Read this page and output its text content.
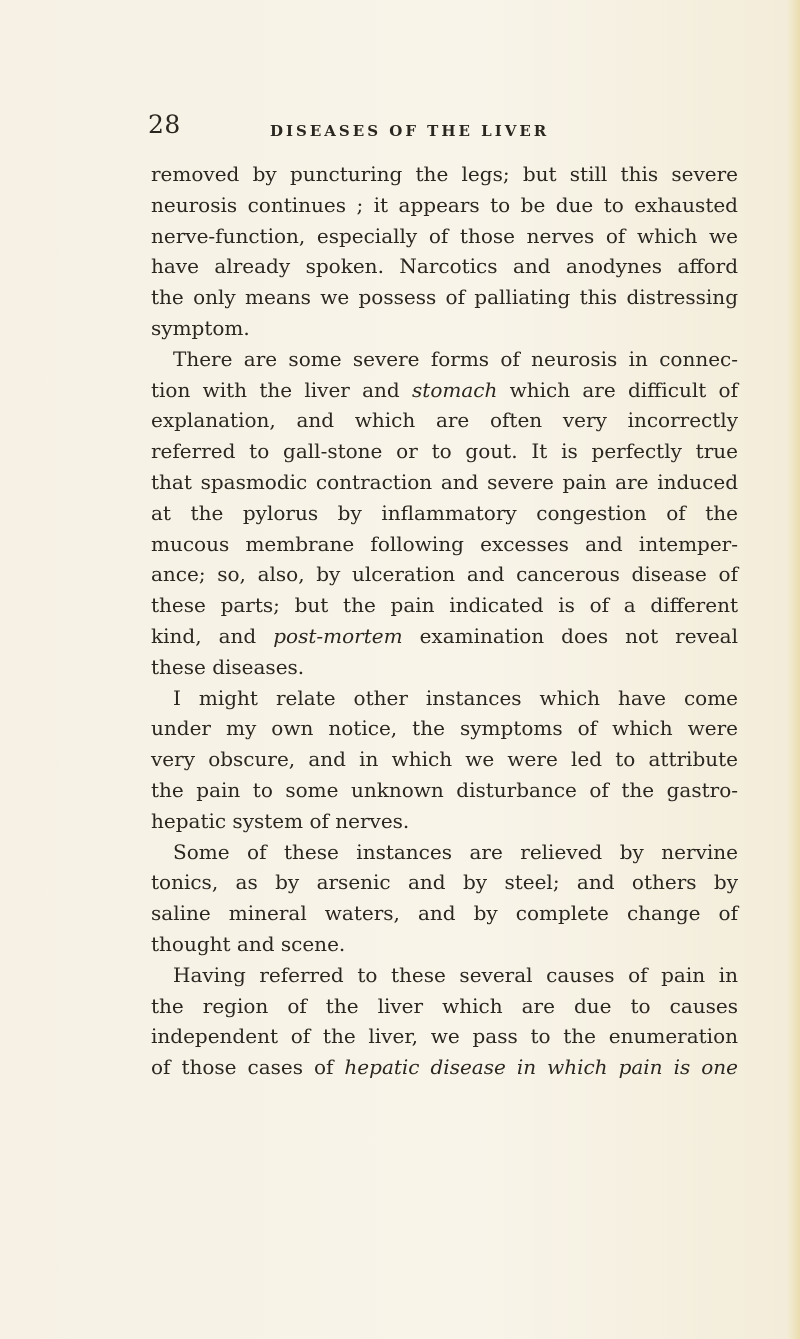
28	DISEASES OF THE LIVER
removed by puncturing the legs; but still this severe
neurosis continues ; it appears to be due to exhausted
nerve-function, especially of those nerves of which we
have already spoken. Narcotics and anodynes afford
the only means we possess of palliating this distressing
symptom.
There are some severe forms of neurosis in connec-
tion with the liver and stomach which are difficult of
explanation, and which are often very incorrectly
referred to gall-stone or to gout. It is perfectly true
that spasmodic contraction and severe pain are induced
at the pylorus by inflammatory congestion of the
mucous membrane following excesses and intemper-
ance; so, also, by ulceration and cancerous disease of
these parts; but the pain indicated is of a different
kind, and post-mortem examination does not reveal
these diseases.
I might relate other instances which have come
under my own notice, the symptoms of which were
very obscure, and in which we were led to attribute
the pain to some unknown disturbance of the gastro-
hepatic system of nerves.
Some of these instances are relieved by nervine
tonics, as by arsenic and by steel; and others by
saline mineral waters, and by complete change of
thought and scene.
Having referred to these several causes of pain in
the region of the liver which are due to causes
independent of the liver, we pass to the enumeration
of those cases of hepatic disease in which pain is one
